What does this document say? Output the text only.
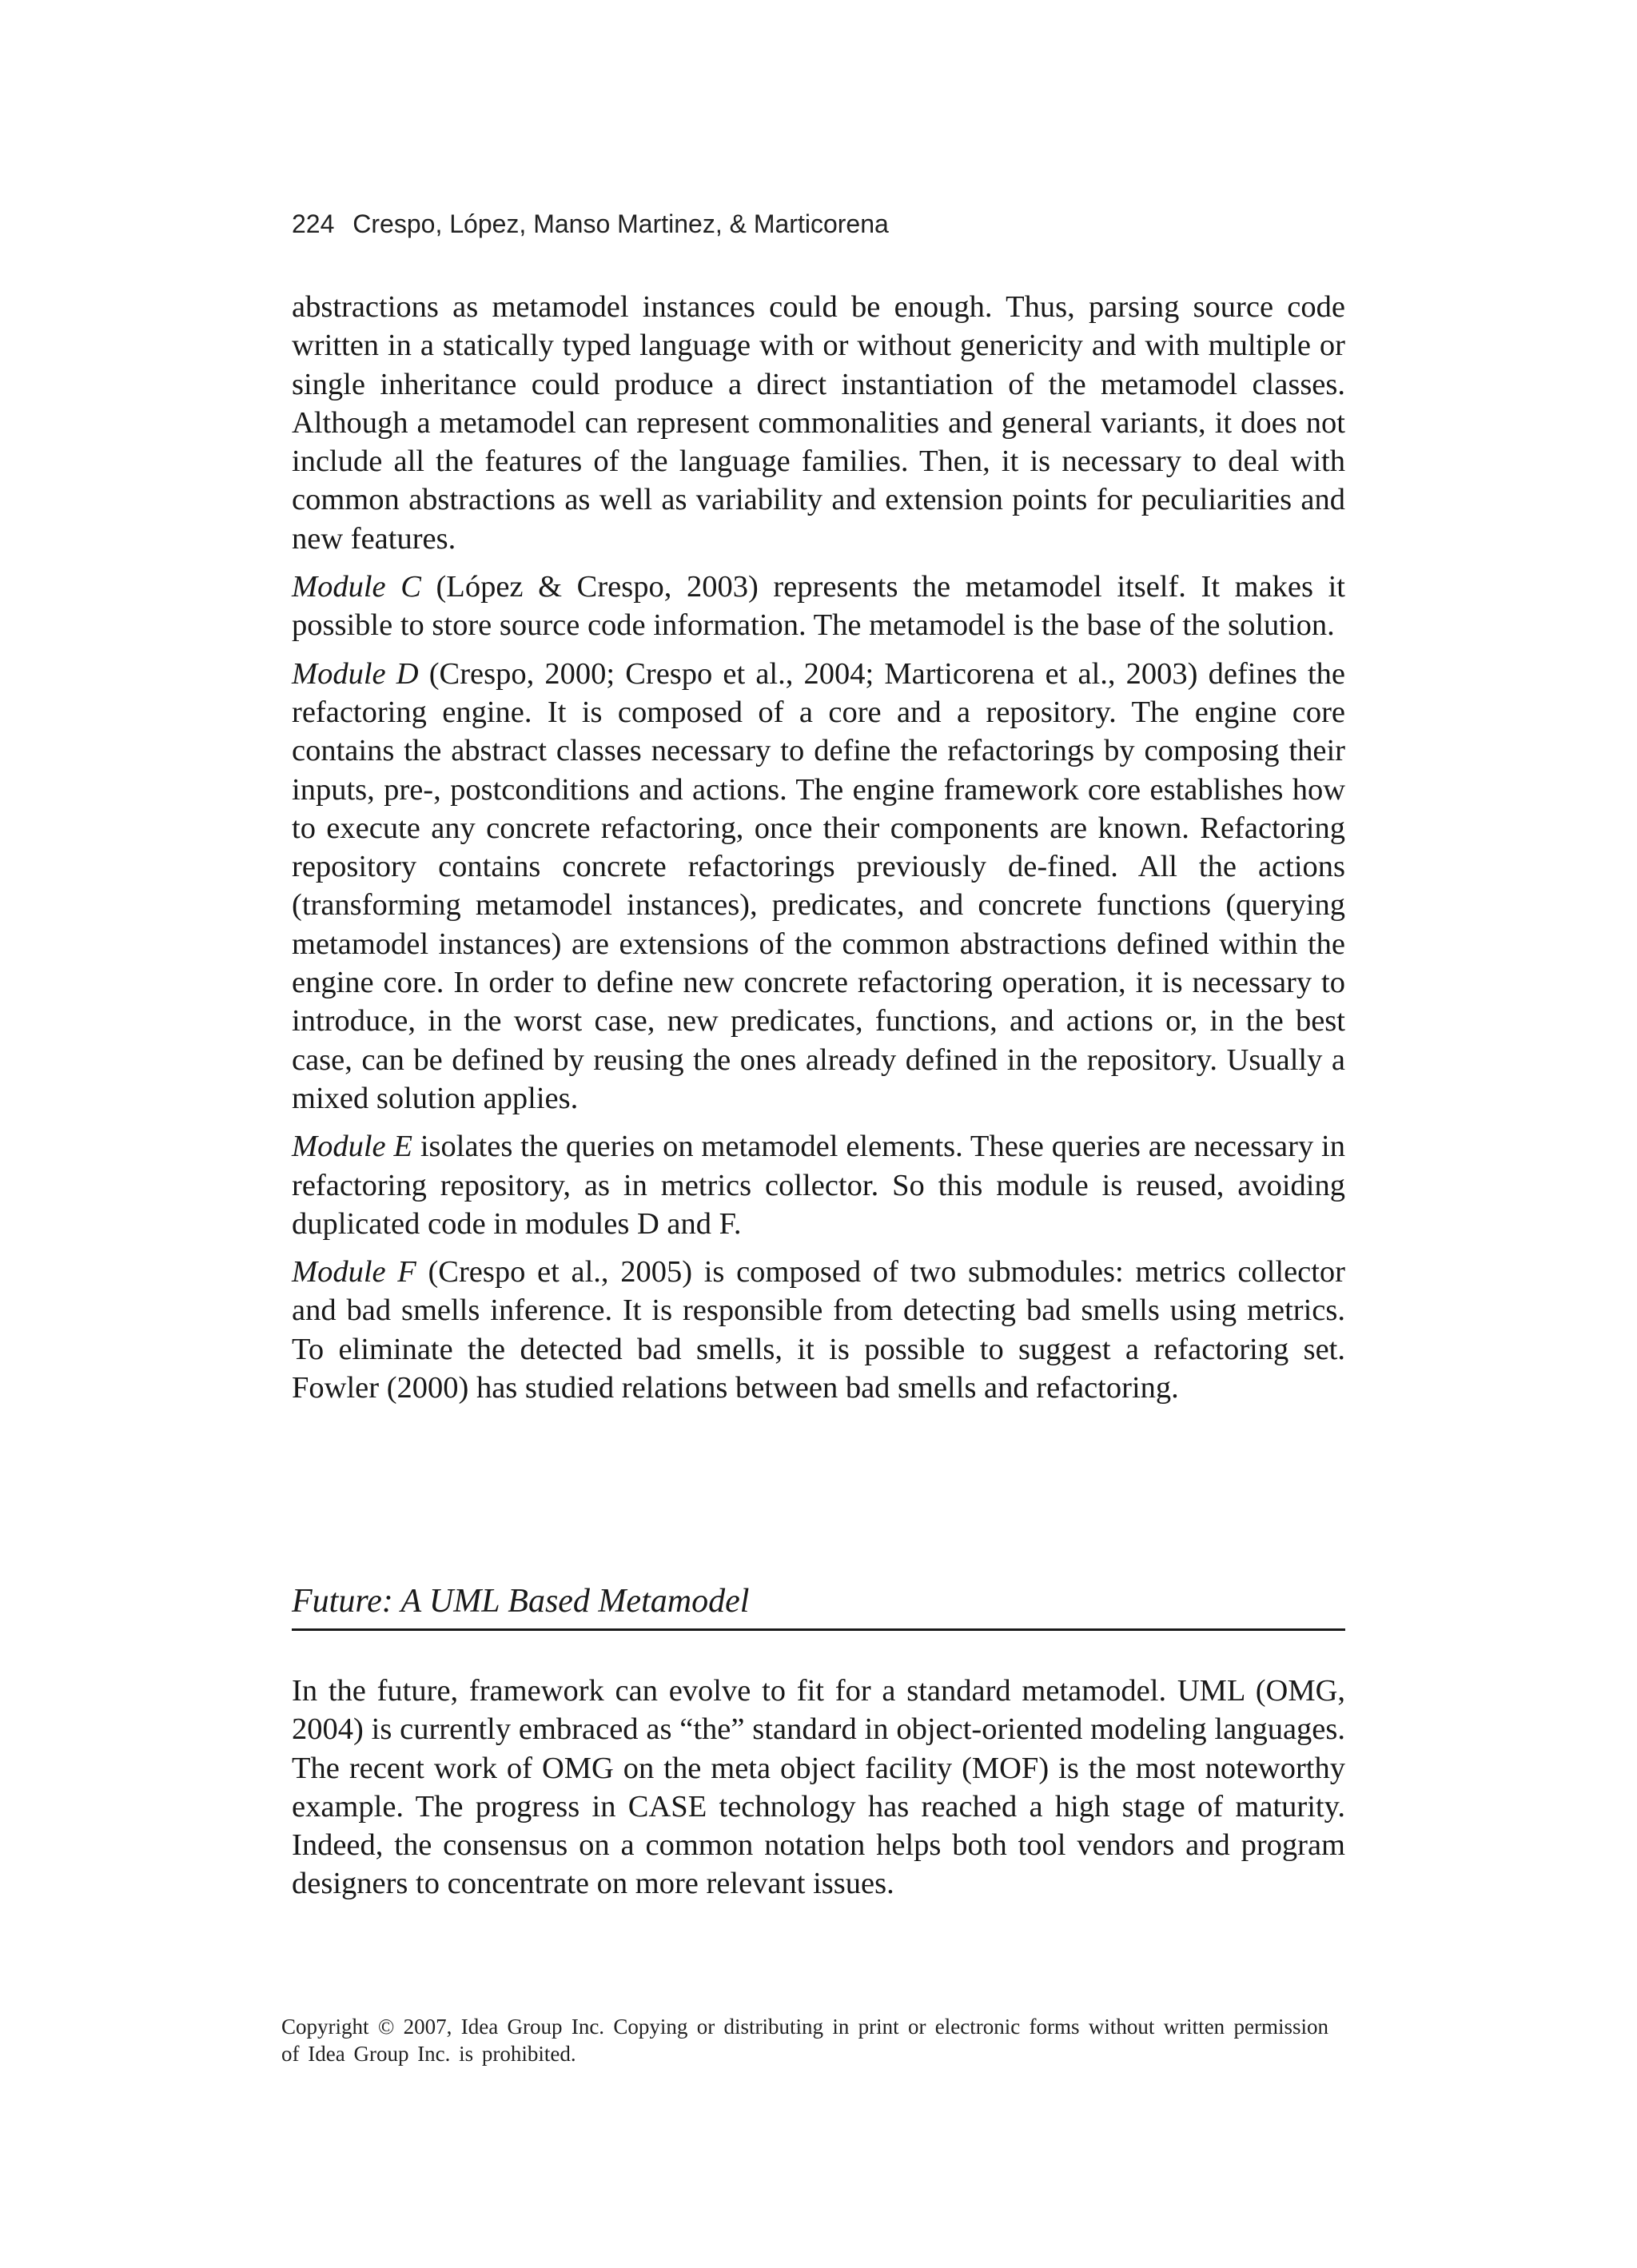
224 Crespo, López, Manso Martinez, & Marticorena

abstractions as metamodel instances could be enough. Thus, parsing source code written in a statically typed language with or without genericity and with multiple or single inheritance could produce a direct instantiation of the metamodel classes. Although a metamodel can represent commonalities and general variants, it does not include all the features of the language families. Then, it is necessary to deal with common abstractions as well as variability and extension points for peculiarities and new features.

Module C (López & Crespo, 2003) represents the metamodel itself. It makes it possible to store source code information. The metamodel is the base of the solution.

Module D (Crespo, 2000; Crespo et al., 2004; Marticorena et al., 2003) defines the refactoring engine. It is composed of a core and a repository. The engine core contains the abstract classes necessary to define the refactorings by composing their inputs, pre-, postconditions and actions. The engine framework core establishes how to execute any concrete refactoring, once their components are known. Refactoring repository contains concrete refactorings previously de-fined. All the actions (transforming metamodel instances), predicates, and concrete functions (querying metamodel instances) are extensions of the common abstractions defined within the engine core. In order to define new concrete refactoring operation, it is necessary to introduce, in the worst case, new predicates, functions, and actions or, in the best case, can be defined by reusing the ones already defined in the repository. Usually a mixed solution applies.

Module E isolates the queries on metamodel elements. These queries are necessary in refactoring repository, as in metrics collector. So this module is reused, avoiding duplicated code in modules D and F.

Module F (Crespo et al., 2005) is composed of two submodules: metrics collector and bad smells inference. It is responsible from detecting bad smells using metrics. To eliminate the detected bad smells, it is possible to suggest a refactoring set. Fowler (2000) has studied relations between bad smells and refactoring.

Future: A UML Based Metamodel

In the future, framework can evolve to fit for a standard metamodel. UML (OMG, 2004) is currently embraced as “the” standard in object-oriented modeling languages. The recent work of OMG on the meta object facility (MOF) is the most noteworthy example. The progress in CASE technology has reached a high stage of maturity. Indeed, the consensus on a common notation helps both tool vendors and program designers to concentrate on more relevant issues.

Copyright © 2007, Idea Group Inc. Copying or distributing in print or electronic forms without written permission of Idea Group Inc. is prohibited.
